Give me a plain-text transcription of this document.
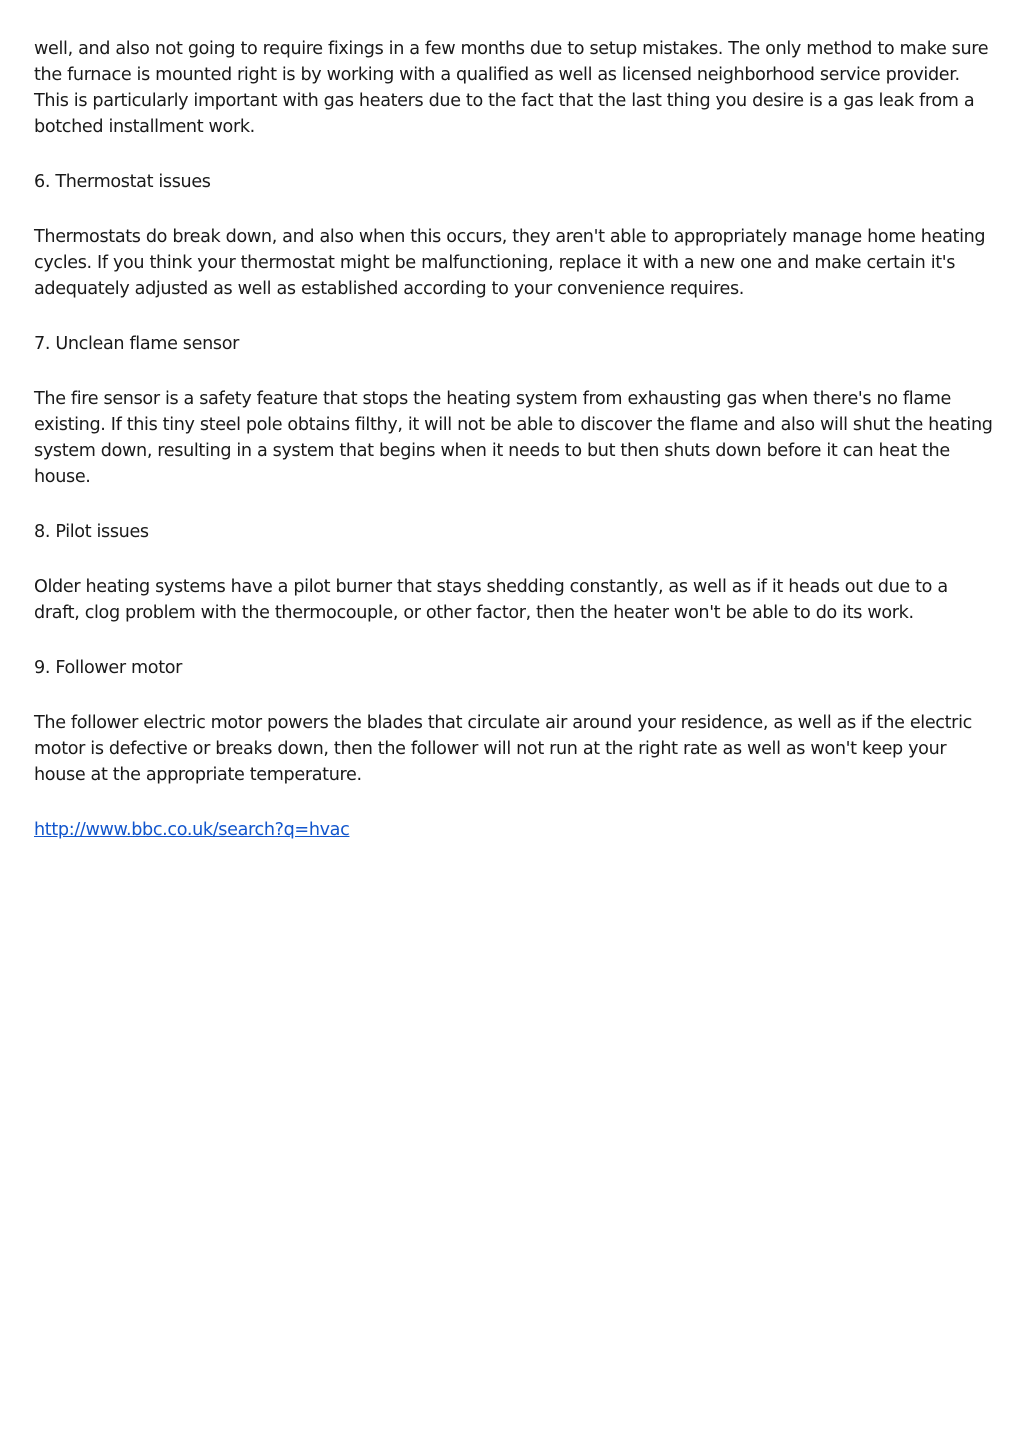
well, and also not going to require fixings in a few months due to setup mistakes. The only method to make sure the furnace is mounted right is by working with a qualified as well as licensed neighborhood service provider. This is particularly important with gas heaters due to the fact that the last thing you desire is a gas leak from a botched installment work.

6. Thermostat issues

Thermostats do break down, and also when this occurs, they aren't able to appropriately manage home heating cycles. If you think your thermostat might be malfunctioning, replace it with a new one and make certain it's adequately adjusted as well as established according to your convenience requires.

7. Unclean flame sensor

The fire sensor is a safety feature that stops the heating system from exhausting gas when there's no flame existing. If this tiny steel pole obtains filthy, it will not be able to discover the flame and also will shut the heating system down, resulting in a system that begins when it needs to but then shuts down before it can heat the house.

8. Pilot issues

Older heating systems have a pilot burner that stays shedding constantly, as well as if it heads out due to a draft, clog problem with the thermocouple, or other factor, then the heater won't be able to do its work.

9. Follower motor

The follower electric motor powers the blades that circulate air around your residence, as well as if the electric motor is defective or breaks down, then the follower will not run at the right rate as well as won't keep your house at the appropriate temperature.

http://www.bbc.co.uk/search?q=hvac
